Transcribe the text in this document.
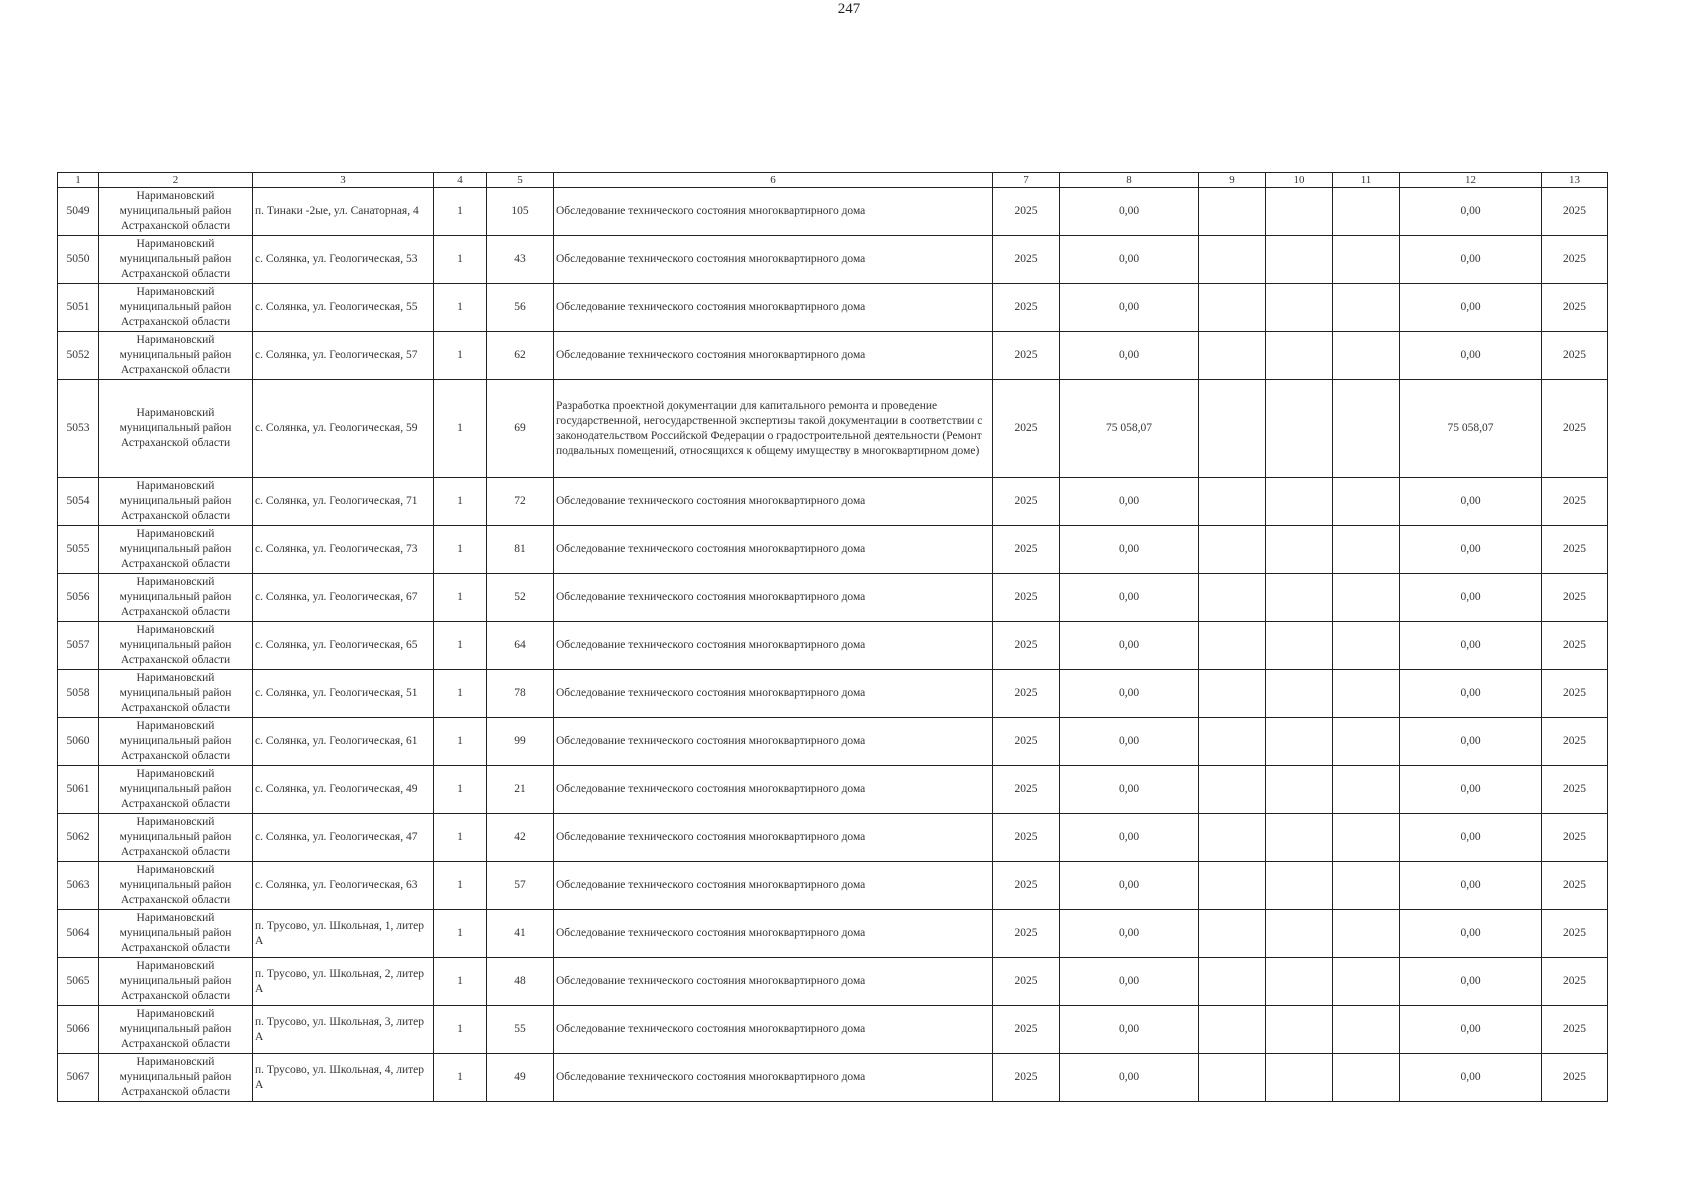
247
1	2	3	4	5	6	7	8	9	10	11	12	13
5049	Наримановский муниципальный район Астраханской области	п. Тинаки -2ые, ул. Санаторная, 4	1	105	Обследование технического состояния многоквартирного дома	2025	0,00				0,00	2025
5050	Наримановский муниципальный район Астраханской области	с. Солянка, ул. Геологическая, 53	1	43	Обследование технического состояния многоквартирного дома	2025	0,00				0,00	2025
5051	Наримановский муниципальный район Астраханской области	с. Солянка, ул. Геологическая, 55	1	56	Обследование технического состояния многоквартирного дома	2025	0,00				0,00	2025
5052	Наримановский муниципальный район Астраханской области	с. Солянка, ул. Геологическая, 57	1	62	Обследование технического состояния многоквартирного дома	2025	0,00				0,00	2025
5053	Наримановский муниципальный район Астраханской области	с. Солянка, ул. Геологическая, 59	1	69	Разработка проектной документации для капитального ремонта и проведение государственной, негосударственной экспертизы такой документации в соответствии с законодательством Российской Федерации о градостроительной деятельности (Ремонт подвальных помещений, относящихся к общему имуществу в многоквартирном доме)	2025	75 058,07				75 058,07	2025
5054	Наримановский муниципальный район Астраханской области	с. Солянка, ул. Геологическая, 71	1	72	Обследование технического состояния многоквартирного дома	2025	0,00				0,00	2025
5055	Наримановский муниципальный район Астраханской области	с. Солянка, ул. Геологическая, 73	1	81	Обследование технического состояния многоквартирного дома	2025	0,00				0,00	2025
5056	Наримановский муниципальный район Астраханской области	с. Солянка, ул. Геологическая, 67	1	52	Обследование технического состояния многоквартирного дома	2025	0,00				0,00	2025
5057	Наримановский муниципальный район Астраханской области	с. Солянка, ул. Геологическая, 65	1	64	Обследование технического состояния многоквартирного дома	2025	0,00				0,00	2025
5058	Наримановский муниципальный район Астраханской области	с. Солянка, ул. Геологическая, 51	1	78	Обследование технического состояния многоквартирного дома	2025	0,00				0,00	2025
5060	Наримановский муниципальный район Астраханской области	с. Солянка, ул. Геологическая, 61	1	99	Обследование технического состояния многоквартирного дома	2025	0,00				0,00	2025
5061	Наримановский муниципальный район Астраханской области	с. Солянка, ул. Геологическая, 49	1	21	Обследование технического состояния многоквартирного дома	2025	0,00				0,00	2025
5062	Наримановский муниципальный район Астраханской области	с. Солянка, ул. Геологическая, 47	1	42	Обследование технического состояния многоквартирного дома	2025	0,00				0,00	2025
5063	Наримановский муниципальный район Астраханской области	с. Солянка, ул. Геологическая, 63	1	57	Обследование технического состояния многоквартирного дома	2025	0,00				0,00	2025
5064	Наримановский муниципальный район Астраханской области	п. Трусово, ул. Школьная, 1, литер А	1	41	Обследование технического состояния многоквартирного дома	2025	0,00				0,00	2025
5065	Наримановский муниципальный район Астраханской области	п. Трусово, ул. Школьная, 2, литер А	1	48	Обследование технического состояния многоквартирного дома	2025	0,00				0,00	2025
5066	Наримановский муниципальный район Астраханской области	п. Трусово, ул. Школьная, 3, литер А	1	55	Обследование технического состояния многоквартирного дома	2025	0,00				0,00	2025
5067	Наримановский муниципальный район Астраханской области	п. Трусово, ул. Школьная, 4, литер А	1	49	Обследование технического состояния многоквартирного дома	2025	0,00				0,00	2025
